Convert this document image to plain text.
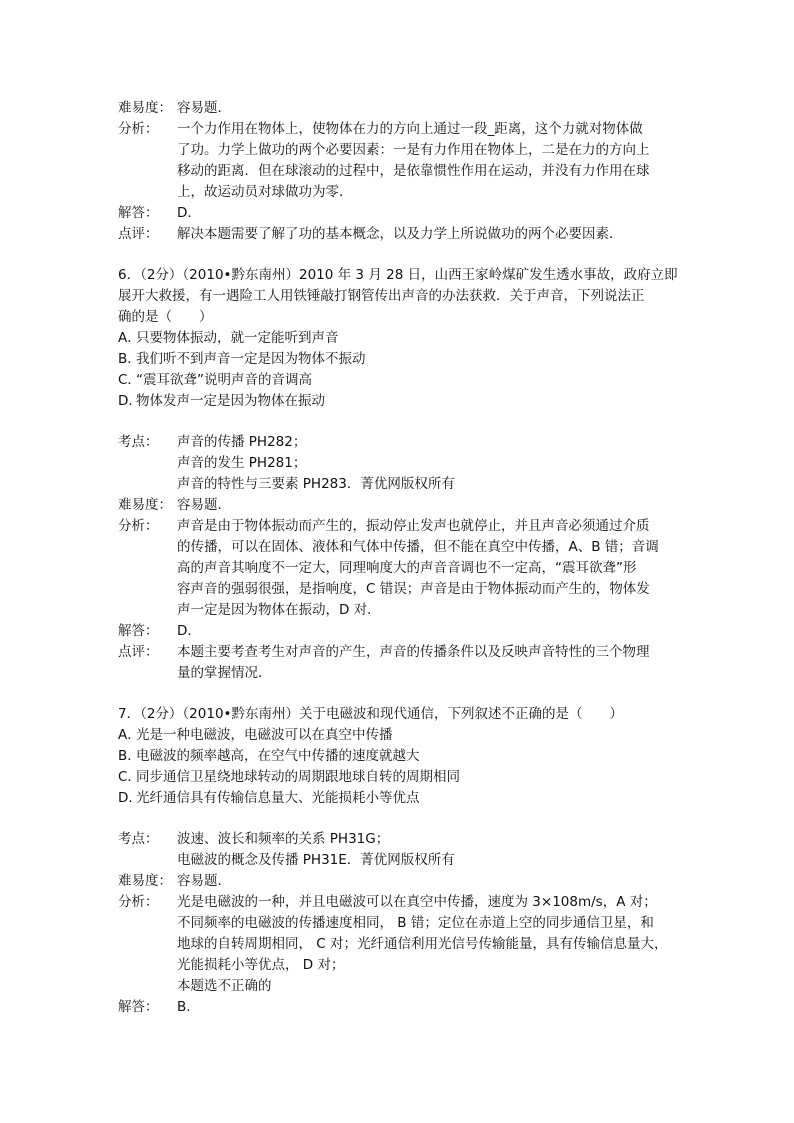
难易度： 容易题．
分析：	一个力作用在物体上，使物体在力的方向上通过一段_距离，这个力就对物体做
了功。力学上做功的两个必要因素：一是有力作用在物体上，二是在力的方向上
移动的距离．但在球滚动的过程中，是依靠惯性作用在运动，并没有力作用在球
上，故运动员对球做功为零．
解答：	D．
点评：	解决本题需要了解了功的基本概念，以及力学上所说做功的两个必要因素．
6．（2分）（2010•黔东南州）2010 年 3 月 28 日，山西王家岭煤矿发生透水事故，政府立即
展开大救援，有一遇险工人用铁锤敲打钢管传出声音的办法获救．关于声音，下列说法正
确的是（　　）
A．
只要物体振动，就一定能听到声音
B．
我们听不到声音一定是因为物体不振动
C．
“震耳欲聋”说明声音的音调高
D．
物体发声一定是因为物体在振动
考点：	声音的传播 PH282；
声音的发生 PH281；
声音的特性与三要素 PH283．菁优网版权所有
难易度： 容易题．
分析：	声音是由于物体振动而产生的，振动停止发声也就停止，并且声音必须通过介质
的传播，可以在固体、液体和气体中传播，但不能在真空中传播，A、B 错；音调
高的声音其响度不一定大，同理响度大的声音音调也不一定高，“震耳欲聋”形
容声音的强弱很强，是指响度，C 错误；声音是由于物体振动而产生的，物体发
声一定是因为物体在振动，D 对．
解答：	D．
点评：	本题主要考查考生对声音的产生，声音的传播条件以及反映声音特性的三个物理
量的掌握情况．
7．（2分）（2010•黔东南州）关于电磁波和现代通信，下列叙述不正确的是（　　）
A．
光是一种电磁波，电磁波可以在真空中传播
B．
电磁波的频率越高，在空气中传播的速度就越大
C．
同步通信卫星绕地球转动的周期跟地球自转的周期相同
D．
光纤通信具有传输信息量大、光能损耗小等优点
考点：	波速、波长和频率的关系 PH31G；
电磁波的概念及传播 PH31E．菁优网版权所有
难易度： 容易题．
分析：	光是电磁波的一种，并且电磁波可以在真空中传播，速度为 3×108m/s，A 对；
不同频率的电磁波的传播速度相同， B 错；定位在赤道上空的同步通信卫星，和
地球的自转周期相同， C 对；光纤通信利用光信号传输能量，具有传输信息量大，
光能损耗小等优点， D 对；
本题选不正确的
解答：	B．
